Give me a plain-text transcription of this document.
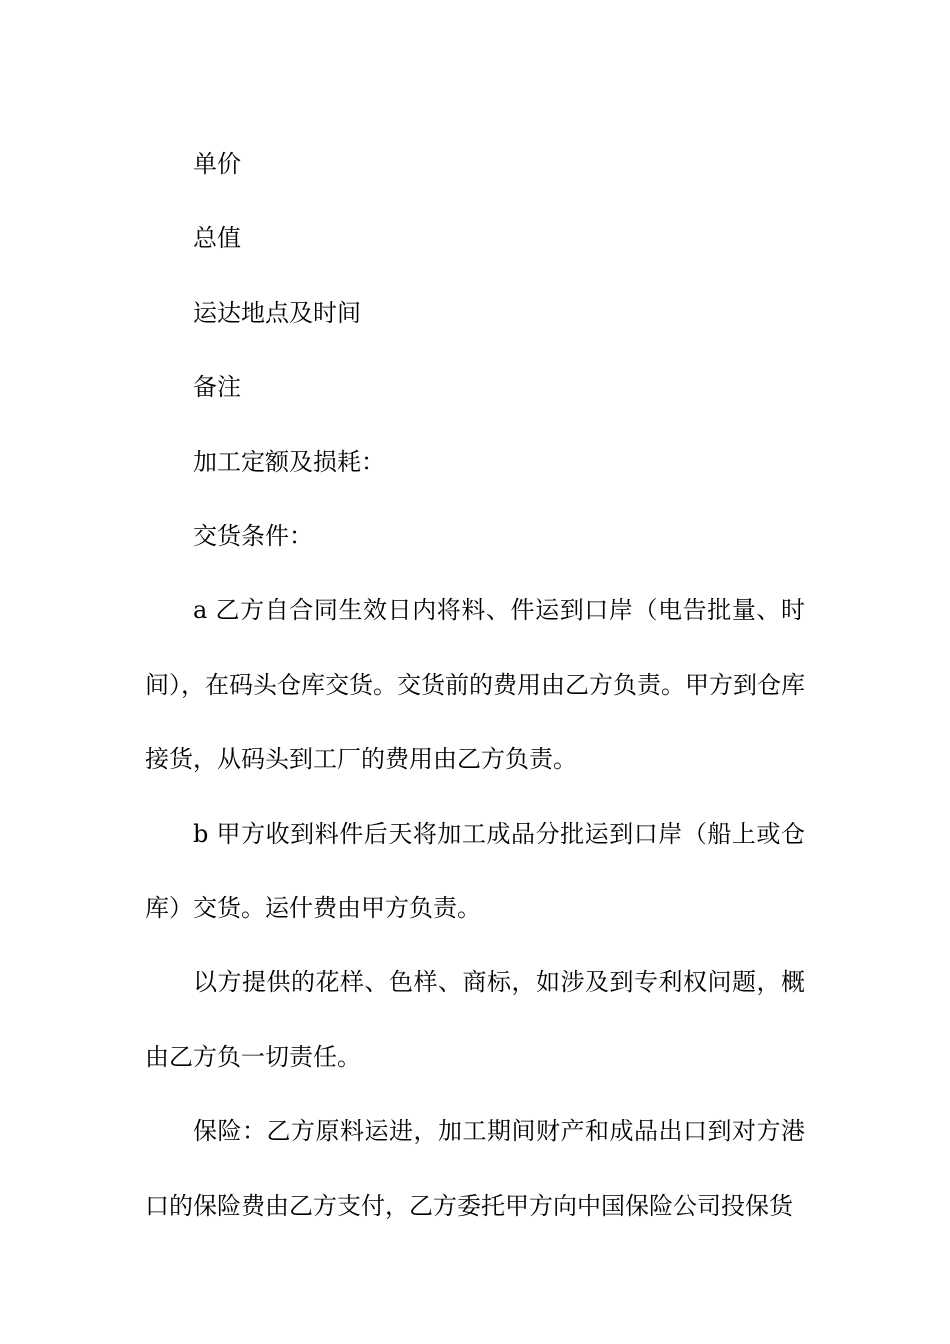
单价

总值

运达地点及时间

备注

加工定额及损耗：

交货条件：

a 乙方自合同生效日内将料、件运到口岸（电告批量、时间），在码头仓库交货。交货前的费用由乙方负责。甲方到仓库接货，从码头到工厂的费用由乙方负责。

b 甲方收到料件后天将加工成品分批运到口岸（船上或仓库）交货。运什费由甲方负责。

以方提供的花样、色样、商标，如涉及到专利权问题，概由乙方负一切责任。

保险：乙方原料运进，加工期间财产和成品出口到对方港口的保险费由乙方支付，乙方委托甲方向中国保险公司投保货
